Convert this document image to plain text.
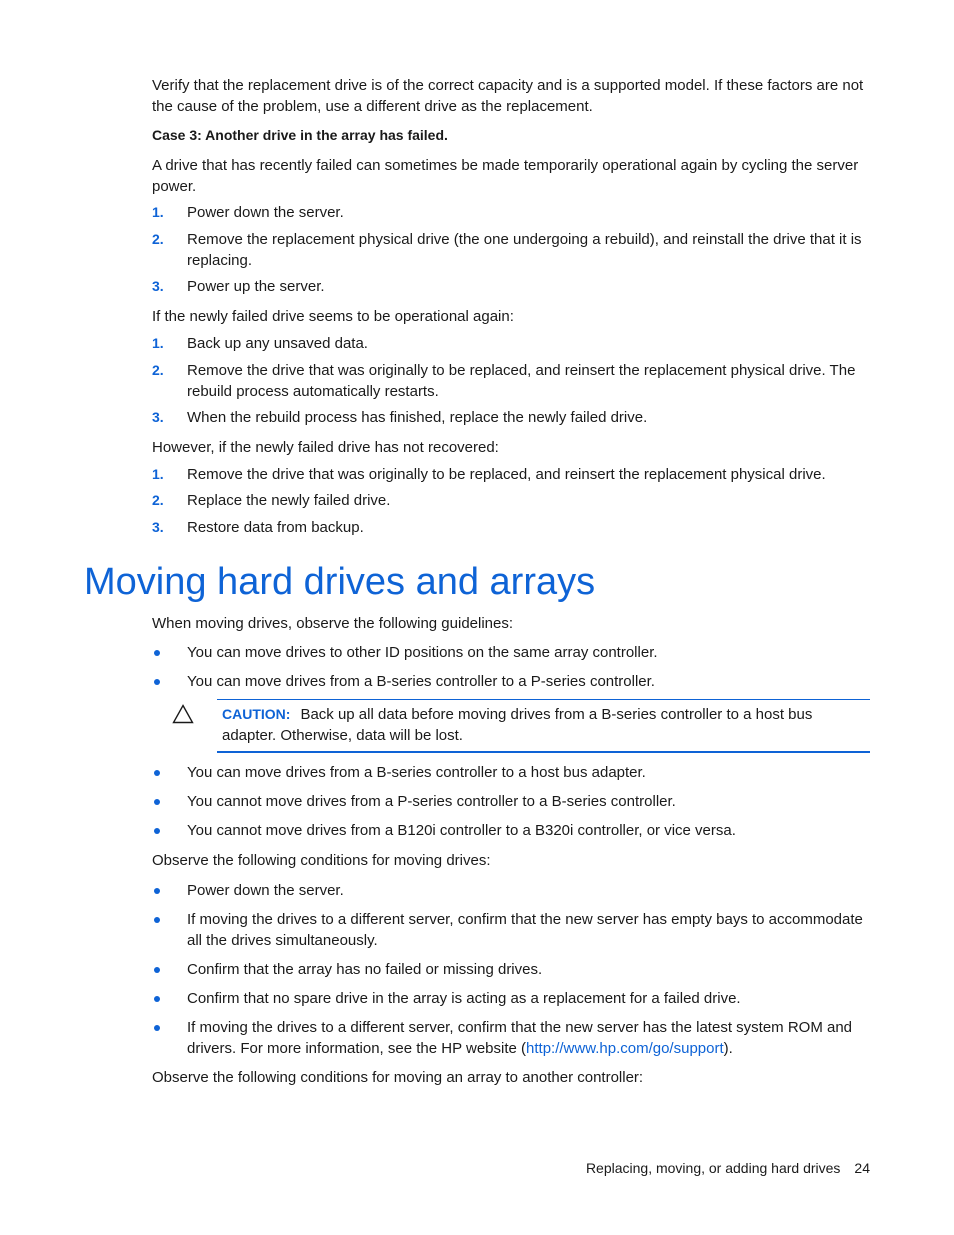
Verify that the replacement drive is of the correct capacity and is a supported model. If these factors are not the cause of the problem, use a different drive as the replacement.

Case 3: Another drive in the array has failed.

A drive that has recently failed can sometimes be made temporarily operational again by cycling the server power.

1. Power down the server.
2. Remove the replacement physical drive (the one undergoing a rebuild), and reinstall the drive that it is replacing.
3. Power up the server.

If the newly failed drive seems to be operational again:

1. Back up any unsaved data.
2. Remove the drive that was originally to be replaced, and reinsert the replacement physical drive. The rebuild process automatically restarts.
3. When the rebuild process has finished, replace the newly failed drive.

However, if the newly failed drive has not recovered:

1. Remove the drive that was originally to be replaced, and reinsert the replacement physical drive.
2. Replace the newly failed drive.
3. Restore data from backup.
Moving hard drives and arrays

When moving drives, observe the following guidelines:

You can move drives to other ID positions on the same array controller.
You can move drives from a B-series controller to a P-series controller.
CAUTION: Back up all data before moving drives from a B-series controller to a host bus adapter. Otherwise, data will be lost.
You can move drives from a B-series controller to a host bus adapter.
You cannot move drives from a P-series controller to a B-series controller.
You cannot move drives from a B120i controller to a B320i controller, or vice versa.

Observe the following conditions for moving drives:

Power down the server.
If moving the drives to a different server, confirm that the new server has empty bays to accommodate all the drives simultaneously.
Confirm that the array has no failed or missing drives.
Confirm that no spare drive in the array is acting as a replacement for a failed drive.
If moving the drives to a different server, confirm that the new server has the latest system ROM and drivers. For more information, see the HP website (http://www.hp.com/go/support).

Observe the following conditions for moving an array to another controller:

Replacing, moving, or adding hard drives 24
